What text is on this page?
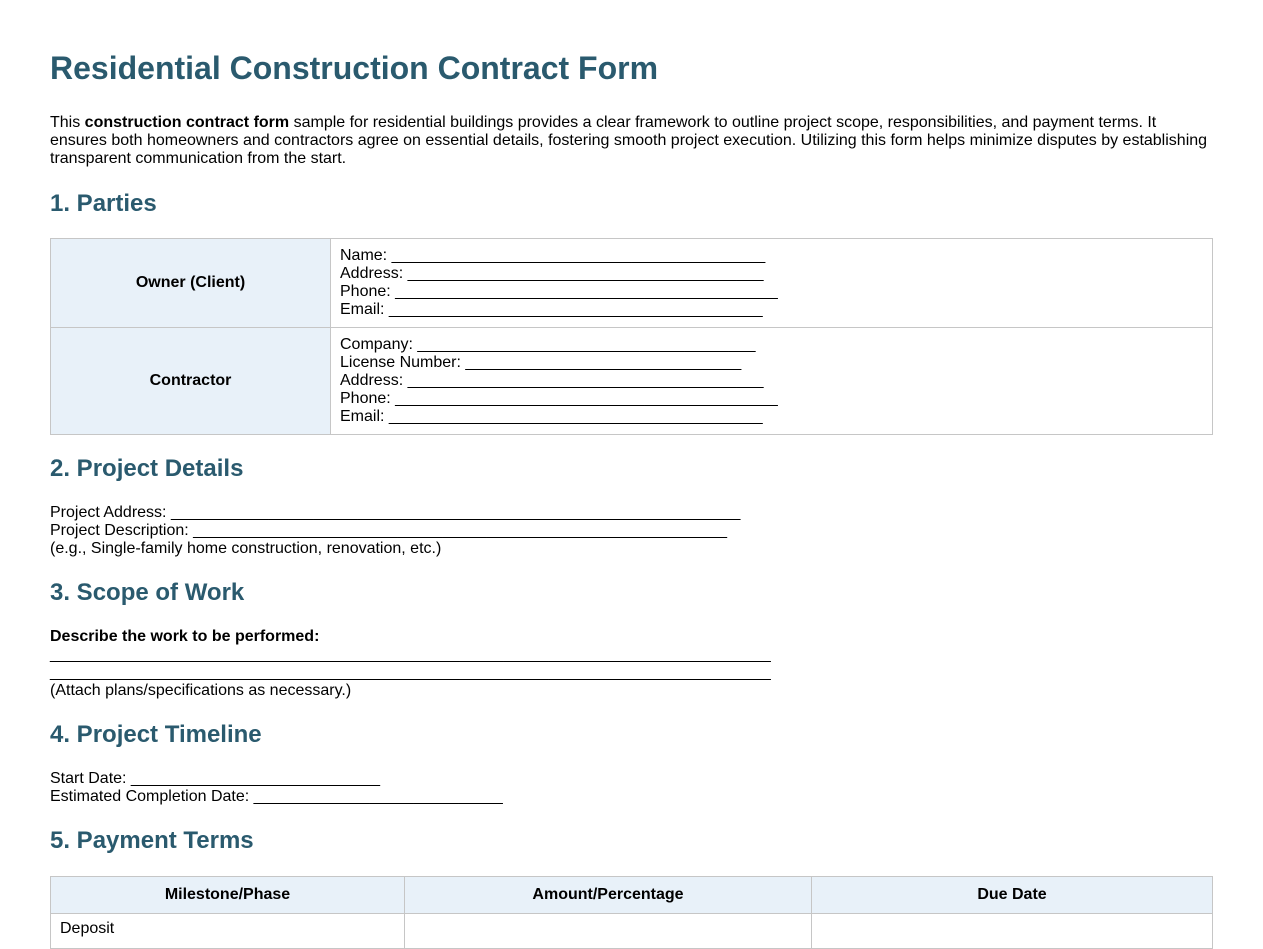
Residential Construction Contract Form

This construction contract form sample for residential buildings provides a clear framework to outline project scope, responsibilities, and payment terms. It ensures both homeowners and contractors agree on essential details, fostering smooth project execution. Utilizing this form helps minimize disputes by establishing transparent communication from the start.

1. Parties
Owner (Client)	Name: __________________________________________
Address: ________________________________________
Phone: ___________________________________________
Email: __________________________________________

Contractor	Company: ______________________________________
License Number: _______________________________
Address: ________________________________________
Phone: ___________________________________________
Email: __________________________________________
2. Project Details
Project Address: ________________________________________________________________
Project Description: ____________________________________________________________
(e.g., Single-family home construction, renovation, etc.)
3. Scope of Work
Describe the work to be performed:
_________________________________________________________________________________
_________________________________________________________________________________
(Attach plans/specifications as necessary.)
4. Project Timeline
Start Date: ____________________________
Estimated Completion Date: ____________________________
5. Payment Terms
Milestone/Phase	Amount/Percentage	Due Date
Deposit		
